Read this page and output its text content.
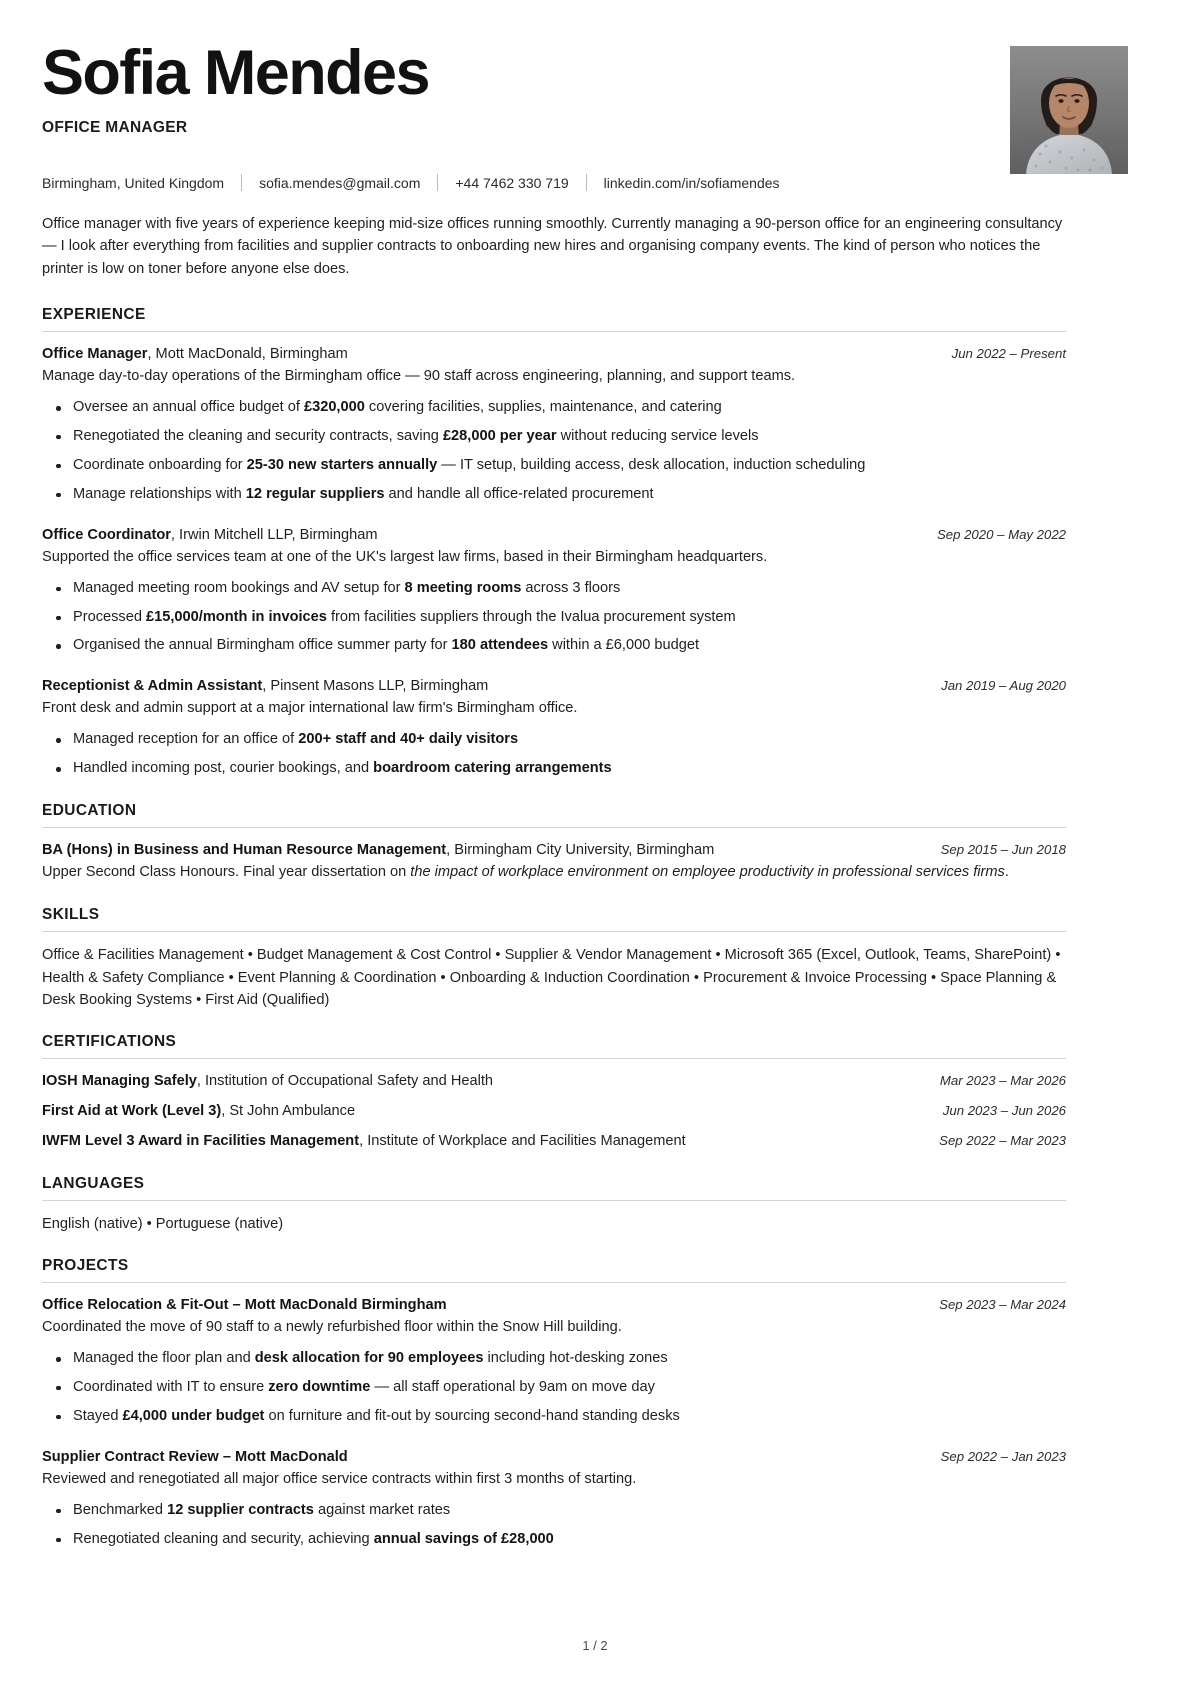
Sofia Mendes
OFFICE MANAGER
Birmingham, United Kingdom	sofia.mendes@gmail.com	+44 7462 330 719	linkedin.com/in/sofiamendes

Office manager with five years of experience keeping mid-size offices running smoothly. Currently managing a 90-person office for an engineering consultancy — I look after everything from facilities and supplier contracts to onboarding new hires and organising company events. The kind of person who notices the printer is low on toner before anyone else does.

EXPERIENCE
Office Manager, Mott MacDonald, Birmingham	Jun 2022 – Present
Manage day-to-day operations of the Birmingham office — 90 staff across engineering, planning, and support teams.
Oversee an annual office budget of £320,000 covering facilities, supplies, maintenance, and catering
Renegotiated the cleaning and security contracts, saving £28,000 per year without reducing service levels
Coordinate onboarding for 25-30 new starters annually — IT setup, building access, desk allocation, induction scheduling
Manage relationships with 12 regular suppliers and handle all office-related procurement
Office Coordinator, Irwin Mitchell LLP, Birmingham	Sep 2020 – May 2022
Supported the office services team at one of the UK's largest law firms, based in their Birmingham headquarters.
Managed meeting room bookings and AV setup for 8 meeting rooms across 3 floors
Processed £15,000/month in invoices from facilities suppliers through the Ivalua procurement system
Organised the annual Birmingham office summer party for 180 attendees within a £6,000 budget
Receptionist & Admin Assistant, Pinsent Masons LLP, Birmingham	Jan 2019 – Aug 2020
Front desk and admin support at a major international law firm's Birmingham office.
Managed reception for an office of 200+ staff and 40+ daily visitors
Handled incoming post, courier bookings, and boardroom catering arrangements
EDUCATION
BA (Hons) in Business and Human Resource Management, Birmingham City University, Birmingham	Sep 2015 – Jun 2018
Upper Second Class Honours. Final year dissertation on the impact of workplace environment on employee productivity in professional services firms.
SKILLS
Office & Facilities Management • Budget Management & Cost Control • Supplier & Vendor Management • Microsoft 365 (Excel, Outlook, Teams, SharePoint) • Health & Safety Compliance • Event Planning & Coordination • Onboarding & Induction Coordination • Procurement & Invoice Processing • Space Planning & Desk Booking Systems • First Aid (Qualified)
CERTIFICATIONS
IOSH Managing Safely, Institution of Occupational Safety and Health	Mar 2023 – Mar 2026
First Aid at Work (Level 3), St John Ambulance	Jun 2023 – Jun 2026
IWFM Level 3 Award in Facilities Management, Institute of Workplace and Facilities Management	Sep 2022 – Mar 2023
LANGUAGES
English (native) • Portuguese (native)
PROJECTS
Office Relocation & Fit-Out – Mott MacDonald Birmingham	Sep 2023 – Mar 2024
Coordinated the move of 90 staff to a newly refurbished floor within the Snow Hill building.
Managed the floor plan and desk allocation for 90 employees including hot-desking zones
Coordinated with IT to ensure zero downtime — all staff operational by 9am on move day
Stayed £4,000 under budget on furniture and fit-out by sourcing second-hand standing desks
Supplier Contract Review – Mott MacDonald	Sep 2022 – Jan 2023
Reviewed and renegotiated all major office service contracts within first 3 months of starting.
Benchmarked 12 supplier contracts against market rates
Renegotiated cleaning and security, achieving annual savings of £28,000
1 / 2
